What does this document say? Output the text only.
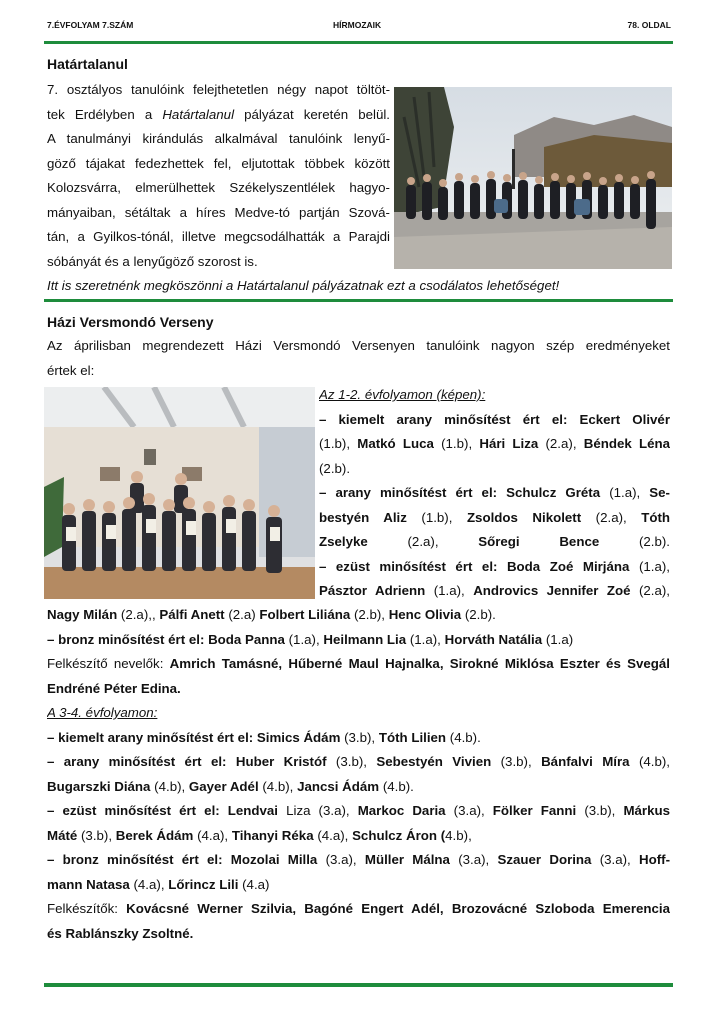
7.ÉVFOLYAM 7.SZÁM	HÍRMOZAIK	78. OLDAL
Határtalanul
7. osztályos tanulóink felejthetetlen négy napot töltöt-
tek Erdélyben a Határtalanul pályázat keretén belül.
A tanulmányi kirándulás alkalmával tanulóink lenyű-
göző tájakat fedezhettek fel, eljutottak többek között
Kolozsvárra, elmerülhettek Székelyszentlélek hagyo-
mányaiban, sétáltak a híres Medve-tó partján Szová-
tán, a Gyilkos-tónál, illetve megcsodálhatták a Parajdi
sóbányát és a lenyűgöző szorost is.
Itt is szeretnénk megköszönni a Határtalanul pályázatnak ezt a csodálatos lehetőséget!
Házi Versmondó Verseny
Az áprilisban megrendezett Házi Versmondó Versenyen tanulóink nagyon szép eredményeket
értek el:
Az 1-2. évfolyamon (képen):
– kiemelt arany minősítést ért el: Eckert Olivér
(1.b), Matkó Luca (1.b), Hári Liza (2.a), Béndek Léna
(2.b).
– arany minősítést ért el: Schulcz Gréta (1.a), Se-
bestyén Aliz (1.b), Zsoldos Nikolett (2.a), Tóth
Zselyke	(2.a),	Sőregi Bence	(2.b).
– ezüst minősítést ért el: Boda Zoé Mirjána (1.a),
Pásztor Adrienn (1.a), Androvics Jennifer Zoé (2.a),
Nagy Milán (2.a),, Pálfi Anett (2.a) Folbert Liliána (2.b), Henc Olivia (2.b).
– bronz minősítést ért el: Boda Panna (1.a), Heilmann Lia (1.a), Horváth Natália (1.a)
Felkészítő nevelők: Amrich Tamásné, Hűberné Maul Hajnalka, Sirokné Miklósa Eszter és Svegál
Endréné Péter Edina.
A 3-4. évfolyamon:
– kiemelt arany minősítést ért el: Simics Ádám (3.b), Tóth Lilien (4.b).
– arany minősítést ért el: Huber Kristóf (3.b), Sebestyén Vivien (3.b), Bánfalvi Míra (4.b),
Bugarszki Diána (4.b), Gayer Adél (4.b), Jancsi Ádám (4.b).
– ezüst minősítést ért el: Lendvai Liza (3.a), Markoc Daria (3.a), Fölker Fanni (3.b), Márkus
Máté (3.b), Berek Ádám (4.a), Tihanyi Réka (4.a), Schulcz Áron (4.b),
– bronz minősítést ért el: Mozolai Milla (3.a), Müller Málna (3.a), Szauer Dorina (3.a), Hoff-
mann Natasa (4.a), Lőrincz Lili (4.a)
Felkészítők: Kovácsné Werner Szilvia, Bagóné Engert Adél, Brozovácné Szloboda Emerencia
és Rablánszky Zsoltné.
